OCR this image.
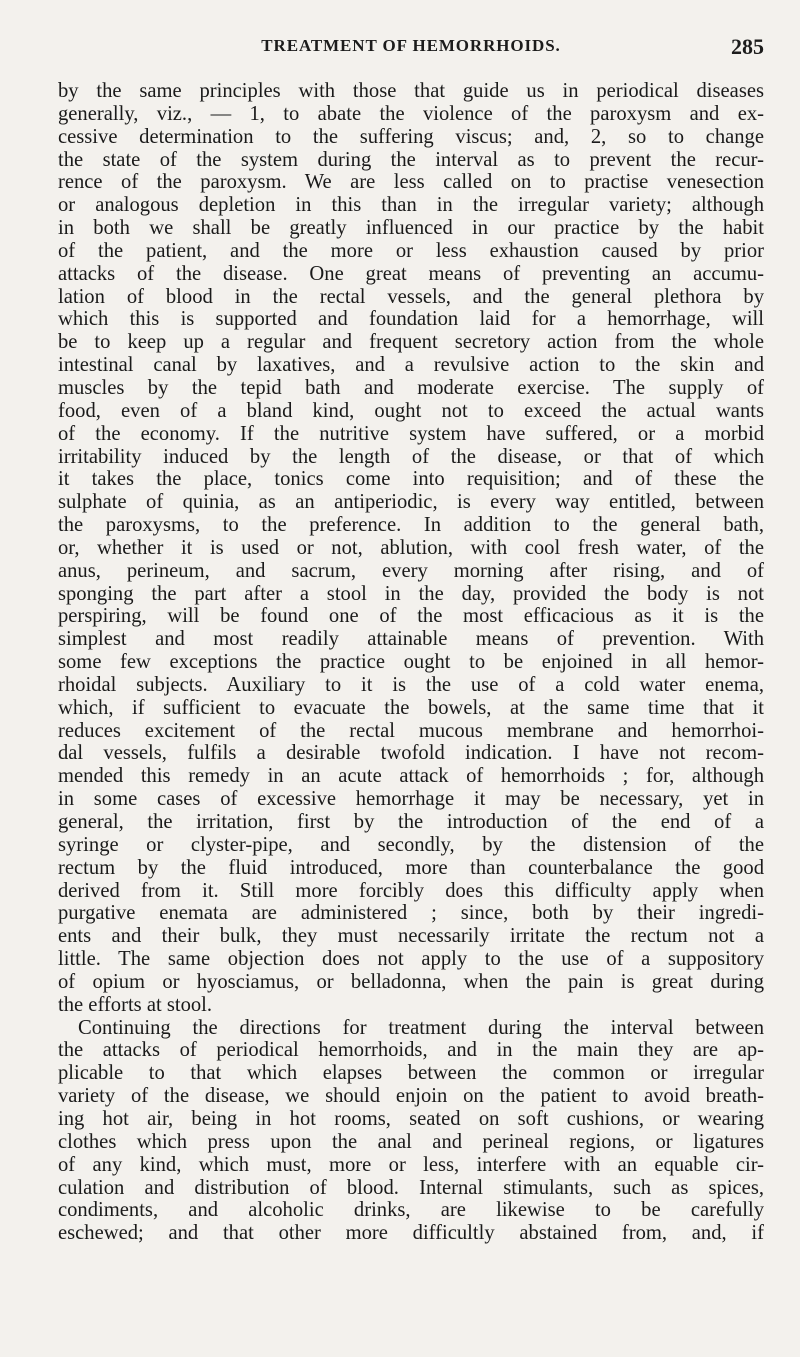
TREATMENT OF HEMORRHOIDS.	285
by the same principles with those that guide us in periodical diseases
generally, viz., — 1, to abate the violence of the paroxysm and ex-
cessive determination to the suffering viscus; and, 2, so to change
the state of the system during the interval as to prevent the recur-
rence of the paroxysm. We are less called on to practise venesection
or analogous depletion in this than in the irregular variety; although
in both we shall be greatly influenced in our practice by the habit
of the patient, and the more or less exhaustion caused by prior
attacks of the disease. One great means of preventing an accumu-
lation of blood in the rectal vessels, and the general plethora by
which this is supported and foundation laid for a hemorrhage, will
be to keep up a regular and frequent secretory action from the whole
intestinal canal by laxatives, and a revulsive action to the skin and
muscles by the tepid bath and moderate exercise. The supply of
food, even of a bland kind, ought not to exceed the actual wants
of the economy. If the nutritive system have suffered, or a morbid
irritability induced by the length of the disease, or that of which
it takes the place, tonics come into requisition; and of these the
sulphate of quinia, as an antiperiodic, is every way entitled, between
the paroxysms, to the preference. In addition to the general bath,
or, whether it is used or not, ablution, with cool fresh water, of the
anus, perineum, and sacrum, every morning after rising, and of
sponging the part after a stool in the day, provided the body is not
perspiring, will be found one of the most efficacious as it is the
simplest and most readily attainable means of prevention. With
some few exceptions the practice ought to be enjoined in all hemor-
rhoidal subjects. Auxiliary to it is the use of a cold water enema,
which, if sufficient to evacuate the bowels, at the same time that it
reduces excitement of the rectal mucous membrane and hemorrhoi-
dal vessels, fulfils a desirable twofold indication. I have not recom-
mended this remedy in an acute attack of hemorrhoids ; for, although
in some cases of excessive hemorrhage it may be necessary, yet in
general, the irritation, first by the introduction of the end of a
syringe or clyster-pipe, and secondly, by the distension of the
rectum by the fluid introduced, more than counterbalance the good
derived from it. Still more forcibly does this difficulty apply when
purgative enemata are administered ; since, both by their ingredi-
ents and their bulk, they must necessarily irritate the rectum not a
little. The same objection does not apply to the use of a suppository
of opium or hyosciamus, or belladonna, when the pain is great during
the efforts at stool.
Continuing the directions for treatment during the interval between
the attacks of periodical hemorrhoids, and in the main they are ap-
plicable to that which elapses between the common or irregular
variety of the disease, we should enjoin on the patient to avoid breath-
ing hot air, being in hot rooms, seated on soft cushions, or wearing
clothes which press upon the anal and perineal regions, or ligatures
of any kind, which must, more or less, interfere with an equable cir-
culation and distribution of blood. Internal stimulants, such as spices,
condiments, and alcoholic drinks, are likewise to be carefully
eschewed; and that other more difficultly abstained from, and, if
